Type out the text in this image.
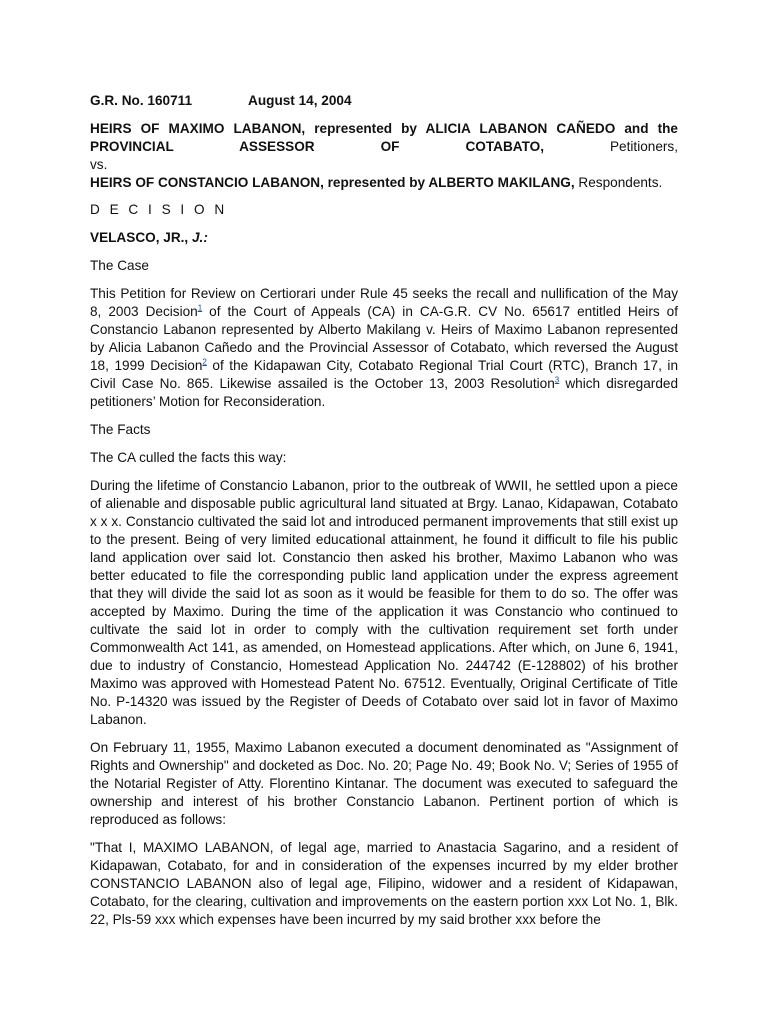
G.R. No. 160711	August 14, 2004

HEIRS OF MAXIMO LABANON, represented by ALICIA LABANON CAÑEDO and the

PROVINCIAL ASSESSOR OF COTABATO, Petitioners,

vs.

HEIRS OF CONSTANCIO LABANON, represented by ALBERTO MAKILANG, Respondents.

D E C I S I O N

VELASCO, JR., J.:

The Case

This Petition for Review on Certiorari under Rule 45 seeks the recall and nullification of the May 8, 2003 Decision$^1$ of the Court of Appeals (CA) in CA-G.R. CV No. 65617 entitled Heirs of Constancio Labanon represented by Alberto Makilang v. Heirs of Maximo Labanon represented by Alicia Labanon Cañedo and the Provincial Assessor of Cotabato, which reversed the August 18, 1999 Decision$^2$ of the Kidapawan City, Cotabato Regional Trial Court (RTC), Branch 17, in Civil Case No. 865. Likewise assailed is the October 13, 2003 Resolution$^3$ which disregarded petitioners’ Motion for Reconsideration.

The Facts

The CA culled the facts this way:

During the lifetime of Constancio Labanon, prior to the outbreak of WWII, he settled upon a piece of alienable and disposable public agricultural land situated at Brgy. Lanao, Kidapawan, Cotabato x x x. Constancio cultivated the said lot and introduced permanent improvements that still exist up to the present. Being of very limited educational attainment, he found it difficult to file his public land application over said lot. Constancio then asked his brother, Maximo Labanon who was better educated to file the corresponding public land application under the express agreement that they will divide the said lot as soon as it would be feasible for them to do so. The offer was accepted by Maximo. During the time of the application it was Constancio who continued to cultivate the said lot in order to comply with the cultivation requirement set forth under Commonwealth Act 141, as amended, on Homestead applications. After which, on June 6, 1941, due to industry of Constancio, Homestead Application No. 244742 (E-128802) of his brother Maximo was approved with Homestead Patent No. 67512. Eventually, Original Certificate of Title No. P-14320 was issued by the Register of Deeds of Cotabato over said lot in favor of Maximo Labanon.

On February 11, 1955, Maximo Labanon executed a document denominated as "Assignment of Rights and Ownership" and docketed as Doc. No. 20; Page No. 49; Book No. V; Series of 1955 of the Notarial Register of Atty. Florentino Kintanar. The document was executed to safeguard the ownership and interest of his brother Constancio Labanon. Pertinent portion of which is reproduced as follows:

"That I, MAXIMO LABANON, of legal age, married to Anastacia Sagarino, and a resident of Kidapawan, Cotabato, for and in consideration of the expenses incurred by my elder brother CONSTANCIO LABANON also of legal age, Filipino, widower and a resident of Kidapawan, Cotabato, for the clearing, cultivation and improvements on the eastern portion xxx Lot No. 1, Blk. 22, Pls-59 xxx which expenses have been incurred by my said brother xxx before the
